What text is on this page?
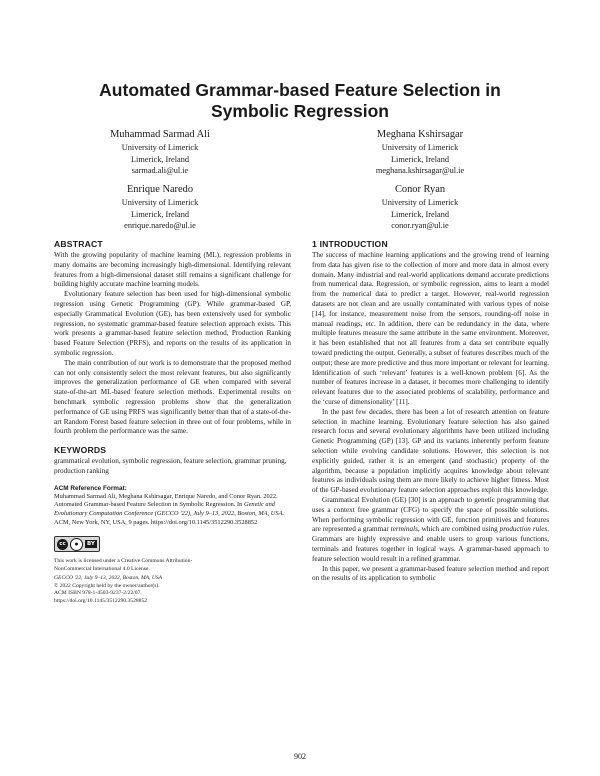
Automated Grammar-based Feature Selection in Symbolic Regression
Muhammad Sarmad Ali
University of Limerick
Limerick, Ireland
sarmad.ali@ul.ie
Meghana Kshirsagar
University of Limerick
Limerick, Ireland
meghana.kshirsagar@ul.ie
Enrique Naredo
University of Limerick
Limerick, Ireland
enrique.naredo@ul.ie
Conor Ryan
University of Limerick
Limerick, Ireland
conor.ryan@ul.ie
ABSTRACT

With the growing popularity of machine learning (ML), regression problems in many domains are becoming increasingly high-dimensional. Identifying relevant features from a high-dimensional dataset still remains a significant challenge for building highly accurate machine learning models.

Evolutionary feature selection has been used for high-dimensional symbolic regression using Genetic Programming (GP). While grammar-based GP, especially Grammatical Evolution (GE), has been extensively used for symbolic regression, no systematic grammar-based feature selection approach exists. This work presents a grammar-based feature selection method, Production Ranking based Feature Selection (PRFS), and reports on the results of its application in symbolic regression.

The main contribution of our work is to demonstrate that the proposed method can not only consistently select the most relevant features, but also significantly improves the generalization performance of GE when compared with several state-of-the-art ML-based feature selection methods. Experimental results on benchmark symbolic regression problems show that the generalization performance of GE using PRFS was significantly better than that of a state-of-the-art Random Forest based feature selection in three out of four problems, while in fourth problem the performance was the same.

KEYWORDS

grammatical evolution, symbolic regression, feature selection, grammar pruning, production ranking

ACM Reference Format:

Muhammad Sarmad Ali, Meghana Kshirsagar, Enrique Naredo, and Conor Ryan. 2022. Automated Grammar-based Feature Selection in Symbolic Regression. In Genetic and Evolutionary Computation Conference (GECCO '22), July 9–13, 2022, Boston, MA, USA. ACM, New York, NY, USA, 9 pages. https://doi.org/10.1145/3512290.3528852

cc	●	BY

This work is licensed under a Creative Commons Attribution-

NonCommercial International 4.0 License.

GECCO '22, July 9–13, 2022, Boston, MA, USA

© 2022 Copyright held by the owner/author(s).

ACM ISBN 978-1-4503-9237-2/22/07.

https://doi.org/10.1145/3512290.3528852

1 INTRODUCTION

The success of machine learning applications and the growing trend of learning from data has given rise to the collection of more and more data in almost every domain. Many industrial and real-world applications demand accurate predictions from numerical data. Regression, or symbolic regression, aims to learn a model from the numerical data to predict a target. However, real-world regression datasets are not clean and are usually contaminated with various types of noise [14], for instance, measurement noise from the sensors, rounding-off noise in manual readings, etc. In addition, there can be redundancy in the data, where multiple features measure the same attribute in the same environment. Moreover, it has been established that not all features from a data set contribute equally toward predicting the output. Generally, a subset of features describes much of the output; these are more predictive and thus more important or relevant for learning. Identification of such ‘relevant’ features is a well-known problem [6]. As the number of features increase in a dataset, it becomes more challenging to identify relevant features due to the associated problems of scalability, performance and the ‘curse of dimensionality’ [11].

In the past few decades, there has been a lot of research attention on feature selection in machine learning. Evolutionary feature selection has also gained research focus and several evolutionary algorithms have been utilized including Genetic Programming (GP) [13]. GP and its variants inherently perform feature selection while evolving candidate solutions. However, this selection is not explicitly guided, rather it is an emergent (and stochastic) property of the algorithm, because a population implicitly acquires knowledge about relevant features as individuals using them are more likely to achieve higher fitness. Most of the GP-based evolutionary feature selection approaches exploit this knowledge.

Grammatical Evolution (GE) [30] is an approach to genetic programming that uses a context free grammar (CFG) to specify the space of possible solutions. When performing symbolic regression with GE, function primitives and features are represented a grammar terminals, which are combined using production rules. Grammars are highly expressive and enable users to group various functions, terminals and features together in logical ways. A grammar-based approach to feature selection would result in a refined grammar.

In this paper, we present a grammar-based feature selection method and report on the results of its application to symbolic

902
